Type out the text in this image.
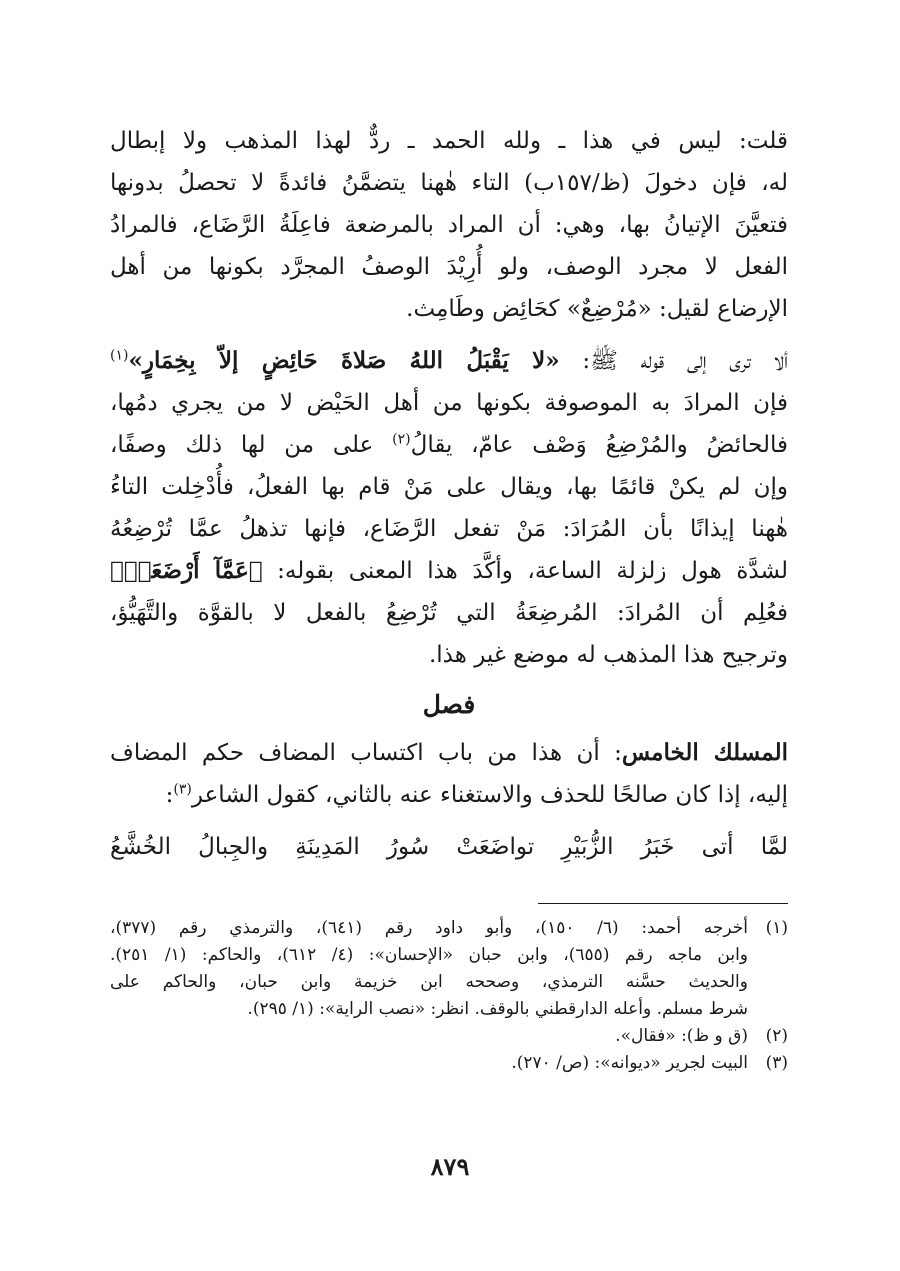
قلت: ليس في هذا ـ ولله الحمد ـ ردٌّ لهذا المذهب ولا إبطال
له، فإن دخولَ (ظ/١٥٧ب) التاء هٰهنا يتضمَّنُ فائدةً لا تحصلُ بدونها
فتعيَّنَ الإتيانُ بها، وهي: أن المراد بالمرضعة فاعِلَةُ الرَّضَاع، فالمرادُ
الفعل لا مجرد الوصف، ولو أُرِيْدَ الوصفُ المجرَّد بكونها من أهل
الإرضاع لقيل: «مُرْضِعٌ» كحَائِض وطَامِث.
ألا ترى إلى قوله ﷺ: «لا يَقْبَلُ اللهُ صَلاةَ حَائِضٍ إلاّ بِخِمَارٍ»$^{(١)}$
فإن المرادَ به الموصوفة بكونها من أهل الحَيْض لا من يجري دمُها،
فالحائضُ والمُرْضِعُ وَصْف عامّ، يقالُ$^{(٢)}$ على من لها ذلك وصفًا،
وإن لم يكنْ قائمًا بها، ويقال على مَنْ قام بها الفعلُ، فأُدْخِلت التاءُ
هٰهنا إيذانًا بأن المُرَادَ: مَنْ تفعل الرَّضَاع، فإنها تذهلُ عمَّا تُرْضِعُهُ
لشدَّة هول زلزلة الساعة، وأكَّدَ هذا المعنى بقوله: ﴿عَمَّآ أَرْضَعَتۡ﴾
فعُلِم أن المُرادَ: المُرضِعَةُ التي تُرْضِعُ بالفعل لا بالقوَّة والتَّهَيُّؤ،
وترجيح هذا المذهب له موضع غير هذا.
فصل
المسلك الخامس: أن هذا من باب اكتساب المضاف حكم المضاف
إليه، إذا كان صالحًا للحذف والاستغناء عنه بالثاني، كقول الشاعر$^{(٣)}$:
لمَّا أتى خَبَرُ الزُّبَيْرِ تواضَعَتْ سُورُ المَدِينَةِ والجِبالُ الخُشَّعُ
(١)أخرجه أحمد: (٦/ ١٥٠)، وأبو داود رقم (٦٤١)، والترمذي رقم (٣٧٧)،
وابن ماجه رقم (٦٥٥)، وابن حبان «الإحسان»: (٤/ ٦١٢)، والحاكم: (١/ ٢٥١).
والحديث حسَّنه الترمذي، وصححه ابن خزيمة وابن حبان، والحاكم على
شرط مسلم. وأعله الدارقطني بالوقف. انظر: «نصب الراية»: (١/ ٢٩٥).
(٢)(ق و ظ): «فقال».
(٣)البيت لجرير «ديوانه»: (ص/ ٢٧٠).
٨٧٩
